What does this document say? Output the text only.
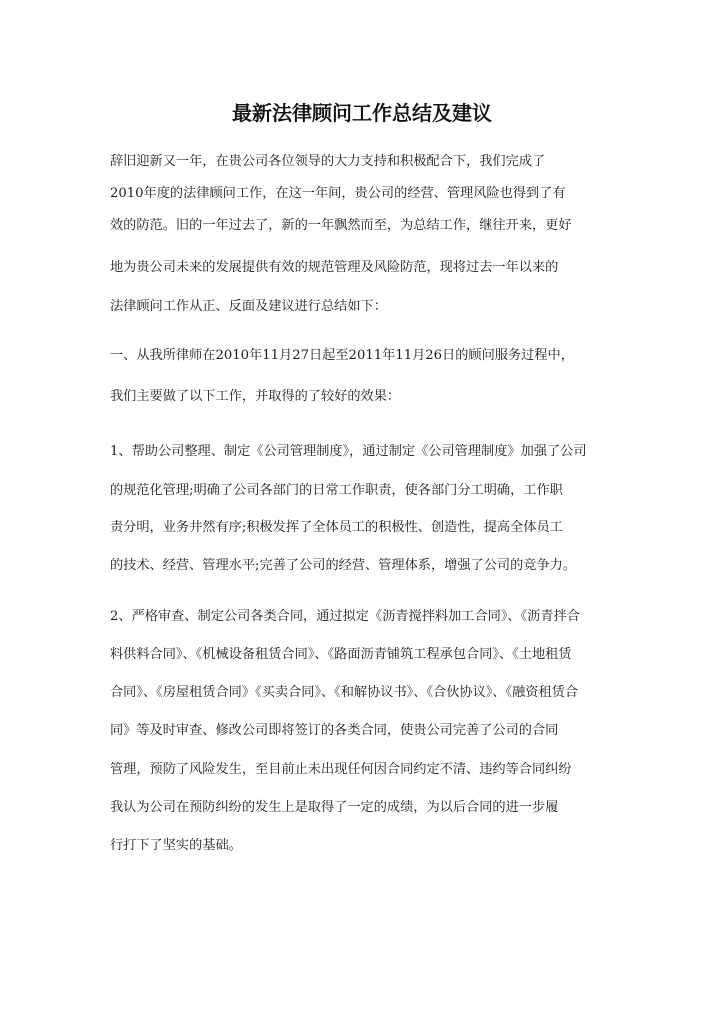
最新法律顾问工作总结及建议
辞旧迎新又一年，在贵公司各位领导的大力支持和积极配合下，我们完成了
2010年度的法律顾问工作，在这一年间，贵公司的经营、管理风险也得到了有
效的防范。旧的一年过去了，新的一年飘然而至，为总结工作，继往开来，更好
地为贵公司未来的发展提供有效的规范管理及风险防范，现将过去一年以来的
法律顾问工作从正、反面及建议进行总结如下：
一、从我所律师在2010年11月27日起至2011年11月26日的顾问服务过程中，
我们主要做了以下工作，并取得的了较好的效果：
1、帮助公司整理、制定《公司管理制度》，通过制定《公司管理制度》加强了公司
的规范化管理;明确了公司各部门的日常工作职责，使各部门分工明确，工作职
责分明，业务井然有序;积极发挥了全体员工的积极性、创造性，提高全体员工
的技术、经营、管理水平;完善了公司的经营、管理体系，增强了公司的竞争力。
2、严格审查、制定公司各类合同，通过拟定《沥青搅拌料加工合同》、《沥青拌合
料供料合同》、《机械设备租赁合同》、《路面沥青铺筑工程承包合同》、《土地租赁
合同》、《房屋租赁合同》《买卖合同》、《和解协议书》、《合伙协议》、《融资租赁合
同》等及时审查、修改公司即将签订的各类合同，使贵公司完善了公司的合同
管理，预防了风险发生，至目前止未出现任何因合同约定不清、违约等合同纠纷
我认为公司在预防纠纷的发生上是取得了一定的成绩，为以后合同的进一步履
行打下了坚实的基础。
